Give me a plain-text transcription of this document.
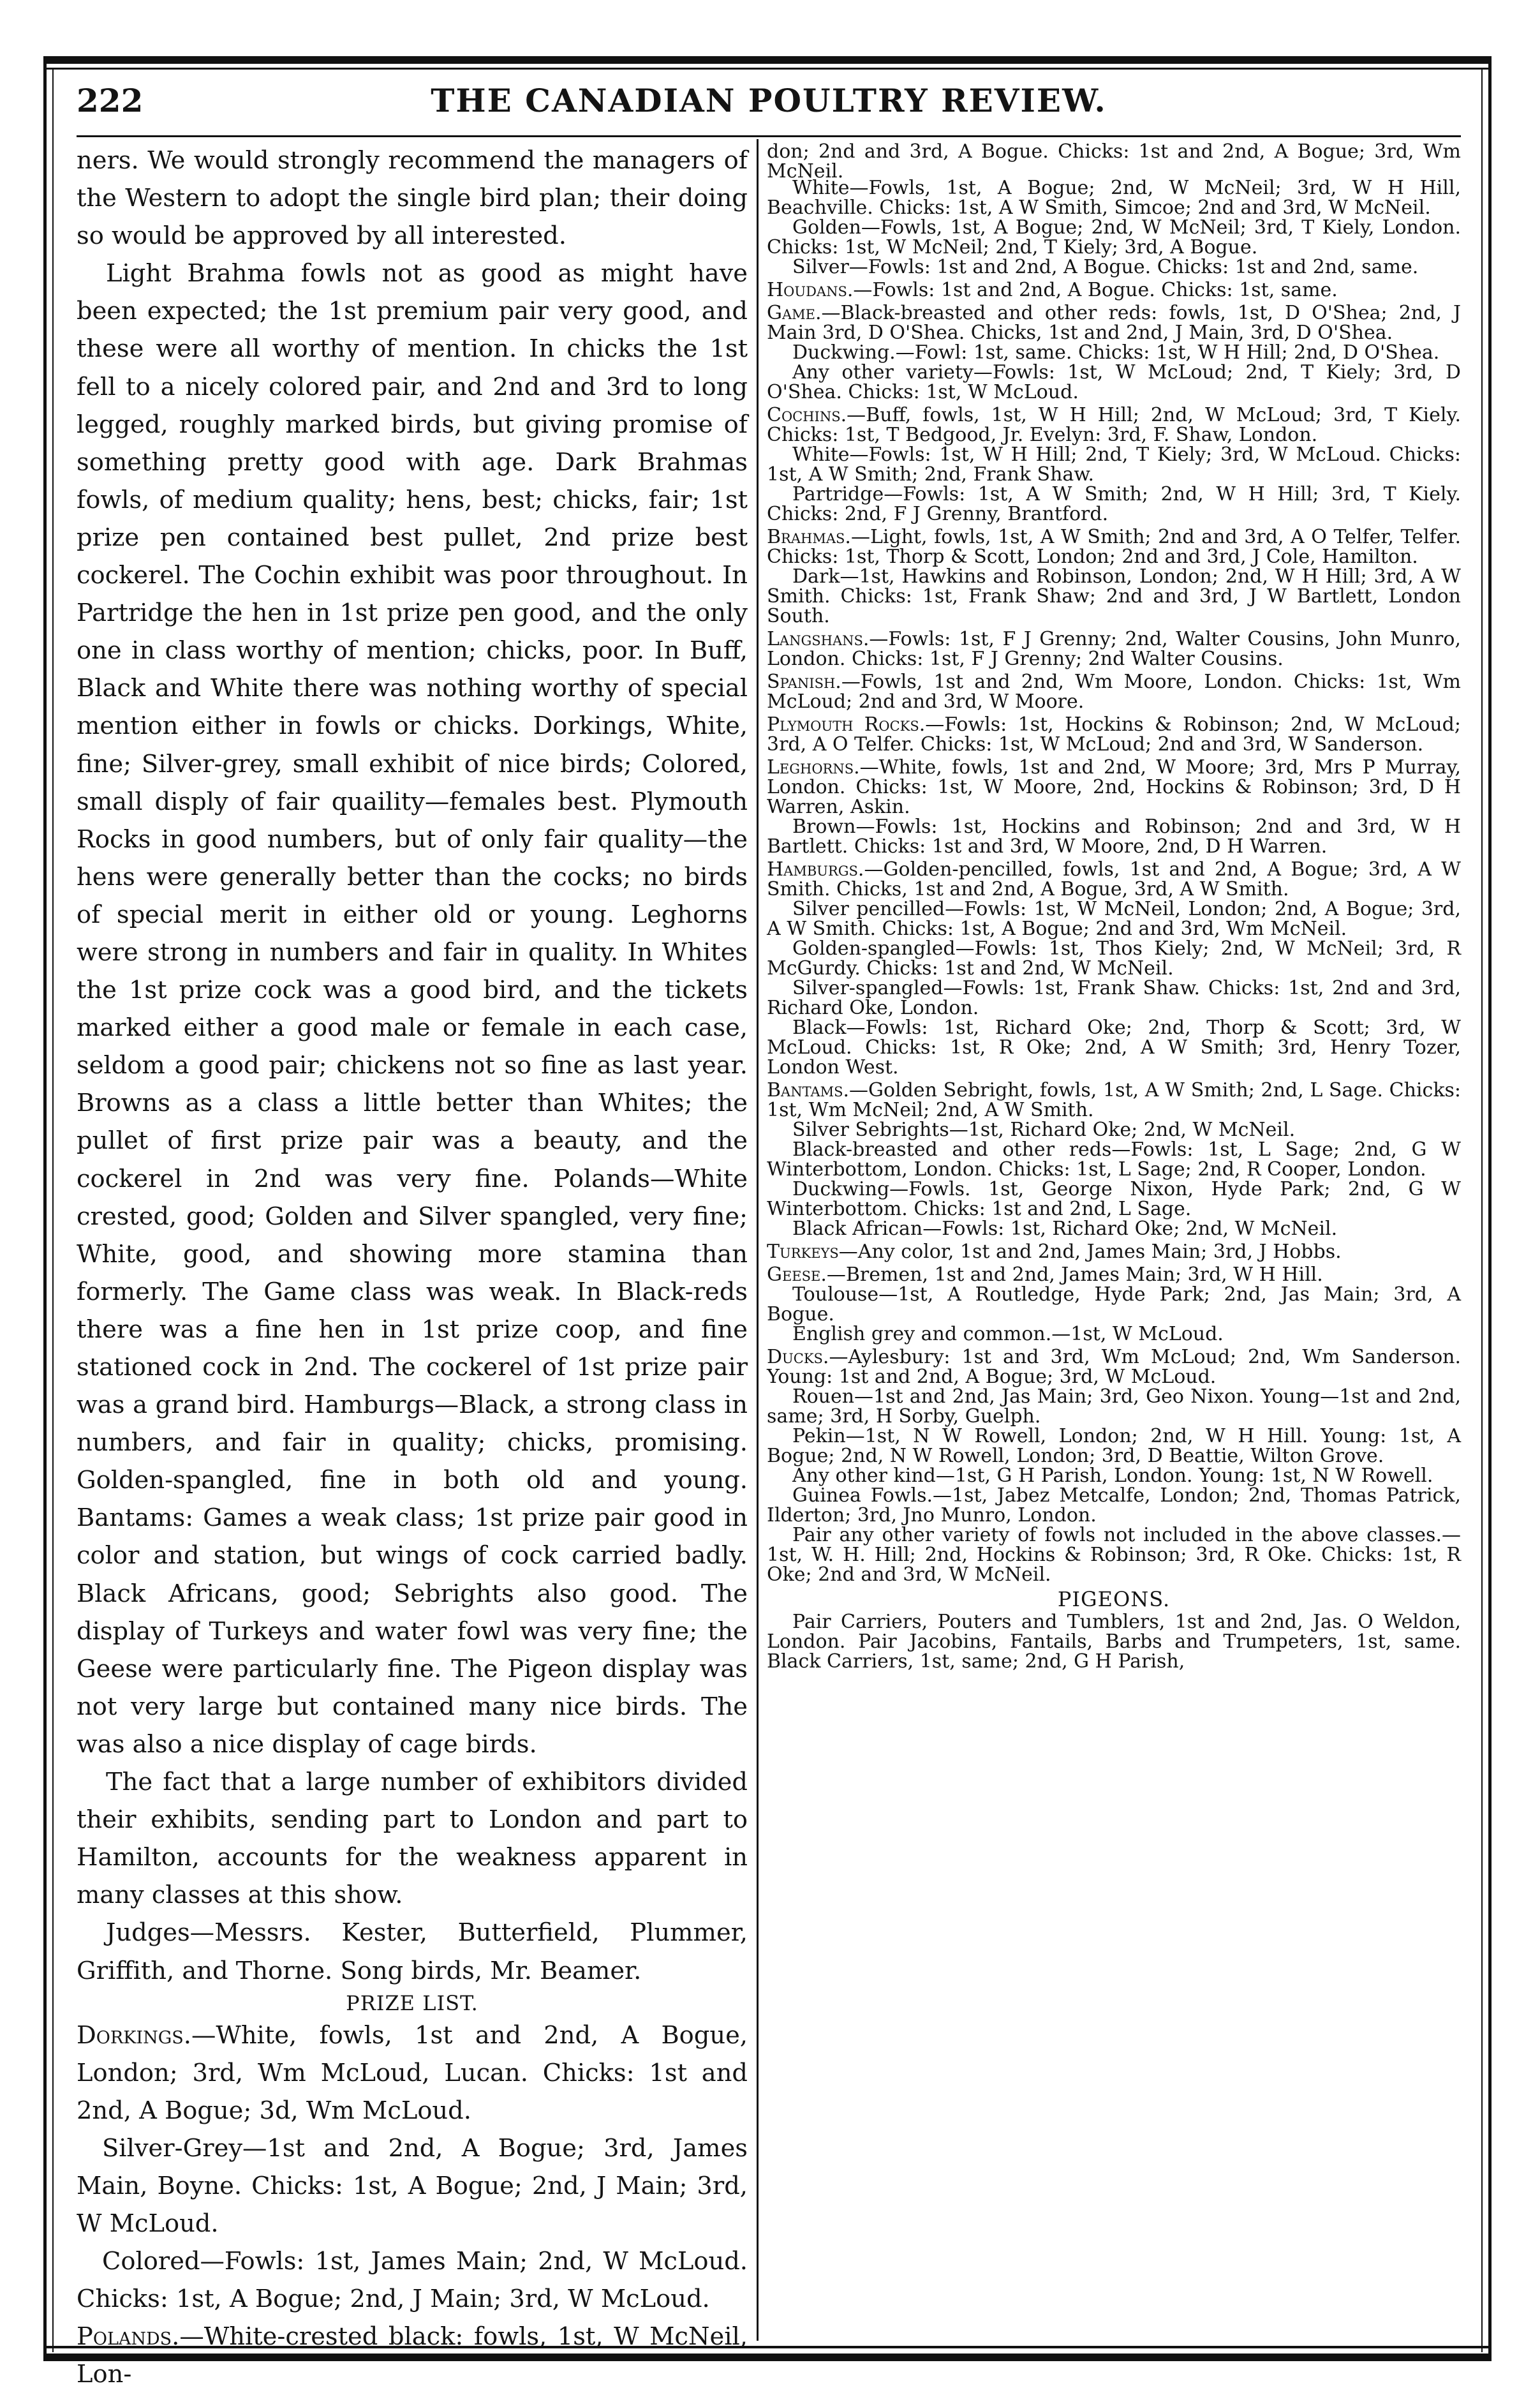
222	THE CANADIAN POULTRY REVIEW.

ners. We would strongly recommend the managers of the Western to adopt the single bird plan; their doing so would be approved by all interested.

Light Brahma fowls not as good as might have been expected; the 1st premium pair very good, and these were all worthy of mention. In chicks the 1st fell to a nicely colored pair, and 2nd and 3rd to long legged, roughly marked birds, but giving promise of something pretty good with age. Dark Brahmas fowls, of medium quality; hens, best; chicks, fair; 1st prize pen contained best pullet, 2nd prize best cockerel. The Cochin exhibit was poor throughout. In Partridge the hen in 1st prize pen good, and the only one in class worthy of mention; chicks, poor. In Buff, Black and White there was nothing worthy of special mention either in fowls or chicks. Dorkings, White, fine; Silver-grey, small exhibit of nice birds; Colored, small disply of fair quaility—females best. Plymouth Rocks in good numbers, but of only fair quality—the hens were generally better than the cocks; no birds of special merit in either old or young. Leghorns were strong in numbers and fair in quality. In Whites the 1st prize cock was a good bird, and the tickets marked either a good male or female in each case, seldom a good pair; chickens not so fine as last year. Browns as a class a little better than Whites; the pullet of first prize pair was a beauty, and the cockerel in 2nd was very fine. Polands—White crested, good; Golden and Silver spangled, very fine; White, good, and showing more stamina than formerly. The Game class was weak. In Black-reds there was a fine hen in 1st prize coop, and fine stationed cock in 2nd. The cockerel of 1st prize pair was a grand bird. Hamburgs—Black, a strong class in numbers, and fair in quality; chicks, promising. Golden-spangled, fine in both old and young. Bantams: Games a weak class; 1st prize pair good in color and station, but wings of cock carried badly. Black Africans, good; Sebrights also good. The display of Turkeys and water fowl was very fine; the Geese were particularly fine. The Pigeon display was not very large but contained many nice birds. The was also a nice display of cage birds.

The fact that a large number of exhibitors divided their exhibits, sending part to London and part to Hamilton, accounts for the weakness apparent in many classes at this show.

Judges—Messrs. Kester, Butterfield, Plummer, Griffith, and Thorne. Song birds, Mr. Beamer.

PRIZE LIST.

Dorkings.—White, fowls, 1st and 2nd, A Bogue, London; 3rd, Wm McLoud, Lucan. Chicks: 1st and 2nd, A Bogue; 3d, Wm McLoud.

Silver-Grey—1st and 2nd, A Bogue; 3rd, James Main, Boyne. Chicks: 1st, A Bogue; 2nd, J Main; 3rd, W McLoud.

Colored—Fowls: 1st, James Main; 2nd, W McLoud. Chicks: 1st, A Bogue; 2nd, J Main; 3rd, W McLoud.

Polands.—White-crested black: fowls, 1st, W McNeil, Lon-

don; 2nd and 3rd, A Bogue. Chicks: 1st and 2nd, A Bogue; 3rd, Wm McNeil.

White—Fowls, 1st, A Bogue; 2nd, W McNeil; 3rd, W H Hill, Beachville. Chicks: 1st, A W Smith, Simcoe; 2nd and 3rd, W McNeil.

Golden—Fowls, 1st, A Bogue; 2nd, W McNeil; 3rd, T Kiely, London. Chicks: 1st, W McNeil; 2nd, T Kiely; 3rd, A Bogue.

Silver—Fowls: 1st and 2nd, A Bogue. Chicks: 1st and 2nd, same.

Houdans.—Fowls: 1st and 2nd, A Bogue. Chicks: 1st, same.

Game.—Black-breasted and other reds: fowls, 1st, D O'Shea; 2nd, J Main 3rd, D O'Shea. Chicks, 1st and 2nd, J Main, 3rd, D O'Shea.

Duckwing.—Fowl: 1st, same. Chicks: 1st, W H Hill; 2nd, D O'Shea.

Any other variety—Fowls: 1st, W McLoud; 2nd, T Kiely; 3rd, D O'Shea. Chicks: 1st, W McLoud.

Cochins.—Buff, fowls, 1st, W H Hill; 2nd, W McLoud; 3rd, T Kiely. Chicks: 1st, T Bedgood, Jr. Evelyn: 3rd, F. Shaw, London.

White—Fowls: 1st, W H Hill; 2nd, T Kiely; 3rd, W McLoud. Chicks: 1st, A W Smith; 2nd, Frank Shaw.

Partridge—Fowls: 1st, A W Smith; 2nd, W H Hill; 3rd, T Kiely. Chicks: 2nd, F J Grenny, Brantford.

Brahmas.—Light, fowls, 1st, A W Smith; 2nd and 3rd, A O Telfer, Telfer. Chicks: 1st, Thorp & Scott, London; 2nd and 3rd, J Cole, Hamilton.

Dark—1st, Hawkins and Robinson, London; 2nd, W H Hill; 3rd, A W Smith. Chicks: 1st, Frank Shaw; 2nd and 3rd, J W Bartlett, London South.

Langshans.—Fowls: 1st, F J Grenny; 2nd, Walter Cousins, John Munro, London. Chicks: 1st, F J Grenny; 2nd Walter Cousins.

Spanish.—Fowls, 1st and 2nd, Wm Moore, London. Chicks: 1st, Wm McLoud; 2nd and 3rd, W Moore.

Plymouth Rocks.—Fowls: 1st, Hockins & Robinson; 2nd, W McLoud; 3rd, A O Telfer. Chicks: 1st, W McLoud; 2nd and 3rd, W Sanderson.

Leghorns.—White, fowls, 1st and 2nd, W Moore; 3rd, Mrs P Murray, London. Chicks: 1st, W Moore, 2nd, Hockins & Robinson; 3rd, D H Warren, Askin.

Brown—Fowls: 1st, Hockins and Robinson; 2nd and 3rd, W H Bartlett. Chicks: 1st and 3rd, W Moore, 2nd, D H Warren.

Hamburgs.—Golden-pencilled, fowls, 1st and 2nd, A Bogue; 3rd, A W Smith. Chicks, 1st and 2nd, A Bogue, 3rd, A W Smith.

Silver pencilled—Fowls: 1st, W McNeil, London; 2nd, A Bogue; 3rd, A W Smith. Chicks: 1st, A Bogue; 2nd and 3rd, Wm McNeil.

Golden-spangled—Fowls: 1st, Thos Kiely; 2nd, W McNeil; 3rd, R McGurdy. Chicks: 1st and 2nd, W McNeil.

Silver-spangled—Fowls: 1st, Frank Shaw. Chicks: 1st, 2nd and 3rd, Richard Oke, London.

Black—Fowls: 1st, Richard Oke; 2nd, Thorp & Scott; 3rd, W McLoud. Chicks: 1st, R Oke; 2nd, A W Smith; 3rd, Henry Tozer, London West.

Bantams.—Golden Sebright, fowls, 1st, A W Smith; 2nd, L Sage. Chicks: 1st, Wm McNeil; 2nd, A W Smith.

Silver Sebrights—1st, Richard Oke; 2nd, W McNeil.

Black-breasted and other reds—Fowls: 1st, L Sage; 2nd, G W Winterbottom, London. Chicks: 1st, L Sage; 2nd, R Cooper, London.

Duckwing—Fowls. 1st, George Nixon, Hyde Park; 2nd, G W Winterbottom. Chicks: 1st and 2nd, L Sage.

Black African—Fowls: 1st, Richard Oke; 2nd, W McNeil.

Turkeys—Any color, 1st and 2nd, James Main; 3rd, J Hobbs.

Geese.—Bremen, 1st and 2nd, James Main; 3rd, W H Hill.

Toulouse—1st, A Routledge, Hyde Park; 2nd, Jas Main; 3rd, A Bogue.

English grey and common.—1st, W McLoud.

Ducks.—Aylesbury: 1st and 3rd, Wm McLoud; 2nd, Wm Sanderson. Young: 1st and 2nd, A Bogue; 3rd, W McLoud.

Rouen—1st and 2nd, Jas Main; 3rd, Geo Nixon. Young—1st and 2nd, same; 3rd, H Sorby, Guelph.

Pekin—1st, N W Rowell, London; 2nd, W H Hill. Young: 1st, A Bogue; 2nd, N W Rowell, London; 3rd, D Beattie, Wilton Grove.

Any other kind—1st, G H Parish, London. Young: 1st, N W Rowell.

Guinea Fowls.—1st, Jabez Metcalfe, London; 2nd, Thomas Patrick, Ilderton; 3rd, Jno Munro, London.

Pair any other variety of fowls not included in the above classes.—1st, W. H. Hill; 2nd, Hockins & Robinson; 3rd, R Oke. Chicks: 1st, R Oke; 2nd and 3rd, W McNeil.

PIGEONS.

Pair Carriers, Pouters and Tumblers, 1st and 2nd, Jas. O Weldon, London. Pair Jacobins, Fantails, Barbs and Trumpeters, 1st, same. Black Carriers, 1st, same; 2nd, G H Parish,
